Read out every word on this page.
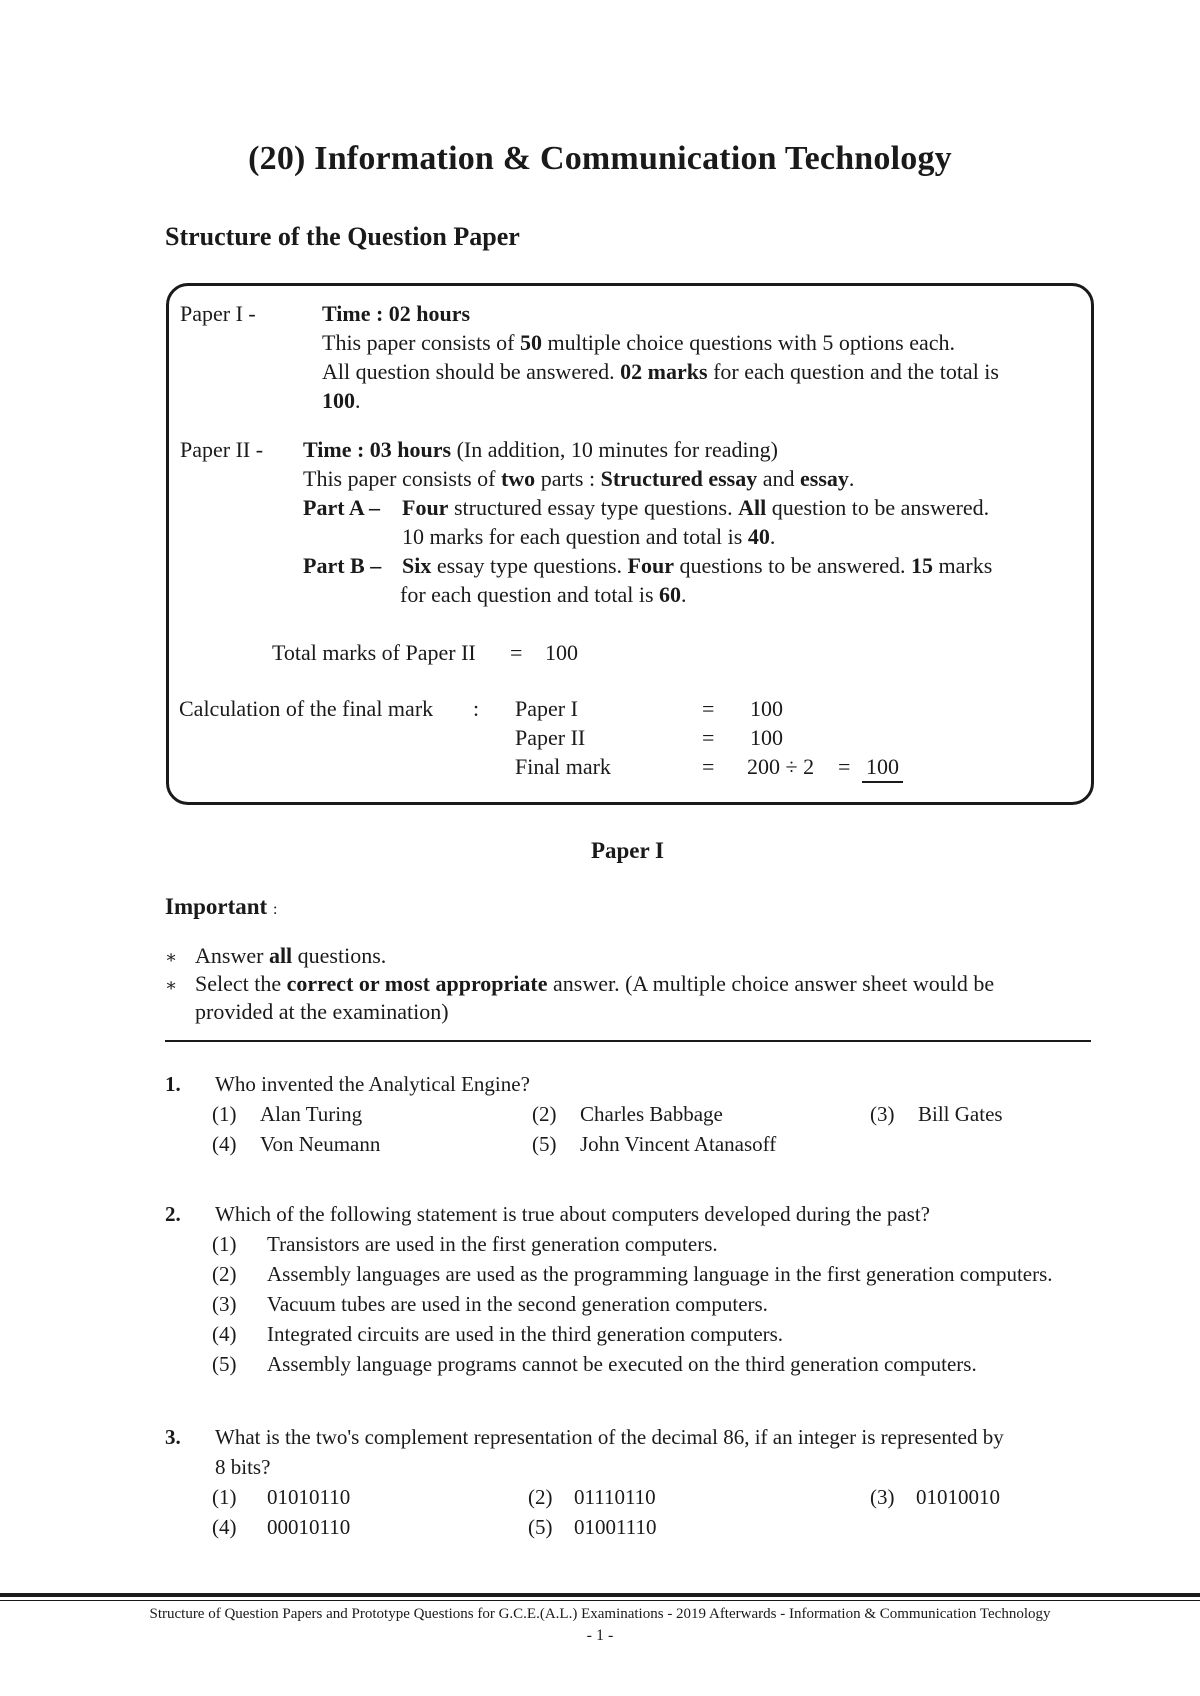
(20) Information & Communication Technology
Structure of the Question Paper
Paper I -	Time : 02 hours
This paper consists of 50 multiple choice questions with 5 options each.
All question should be answered. 02 marks for each question and the total is
100.
Paper II - Time : 03 hours (In addition, 10 minutes for reading)
This paper consists of two parts : Structured essay and essay.
Part A – Four structured essay type questions. All question to be answered.
10 marks for each question and total is 40.
Part B – Six essay type questions. Four questions to be answered. 15 marks
for each question and total is 60.
Total marks of Paper II = 100
Calculation of the final mark : Paper I	= 100
Paper II	= 100
Final mark	= 200 ÷ 2 = 100
Paper I
Important :
∗ Answer all questions.
∗ Select the correct or most appropriate answer. (A multiple choice answer sheet would be
provided at the examination)
1. Who invented the Analytical Engine?
(1) Alan Turing	(2) Charles Babbage	(3) Bill Gates
(4) Von Neumann	(5) John Vincent Atanasoff
2. Which of the following statement is true about computers developed during the past?
(1) Transistors are used in the first generation computers.
(2) Assembly languages are used as the programming language in the first generation computers.
(3) Vacuum tubes are used in the second generation computers.
(4) Integrated circuits are used in the third generation computers.
(5) Assembly language programs cannot be executed on the third generation computers.
3. What is the two's complement representation of the decimal 86, if an integer is represented by
8 bits?
(1) 01010110	(2) 01110110	(3) 01010010
(4) 00010110	(5) 01001110
Structure of Question Papers and Prototype Questions for G.C.E.(A.L.) Examinations - 2019 Afterwards - Information & Communication Technology
- 1 -
